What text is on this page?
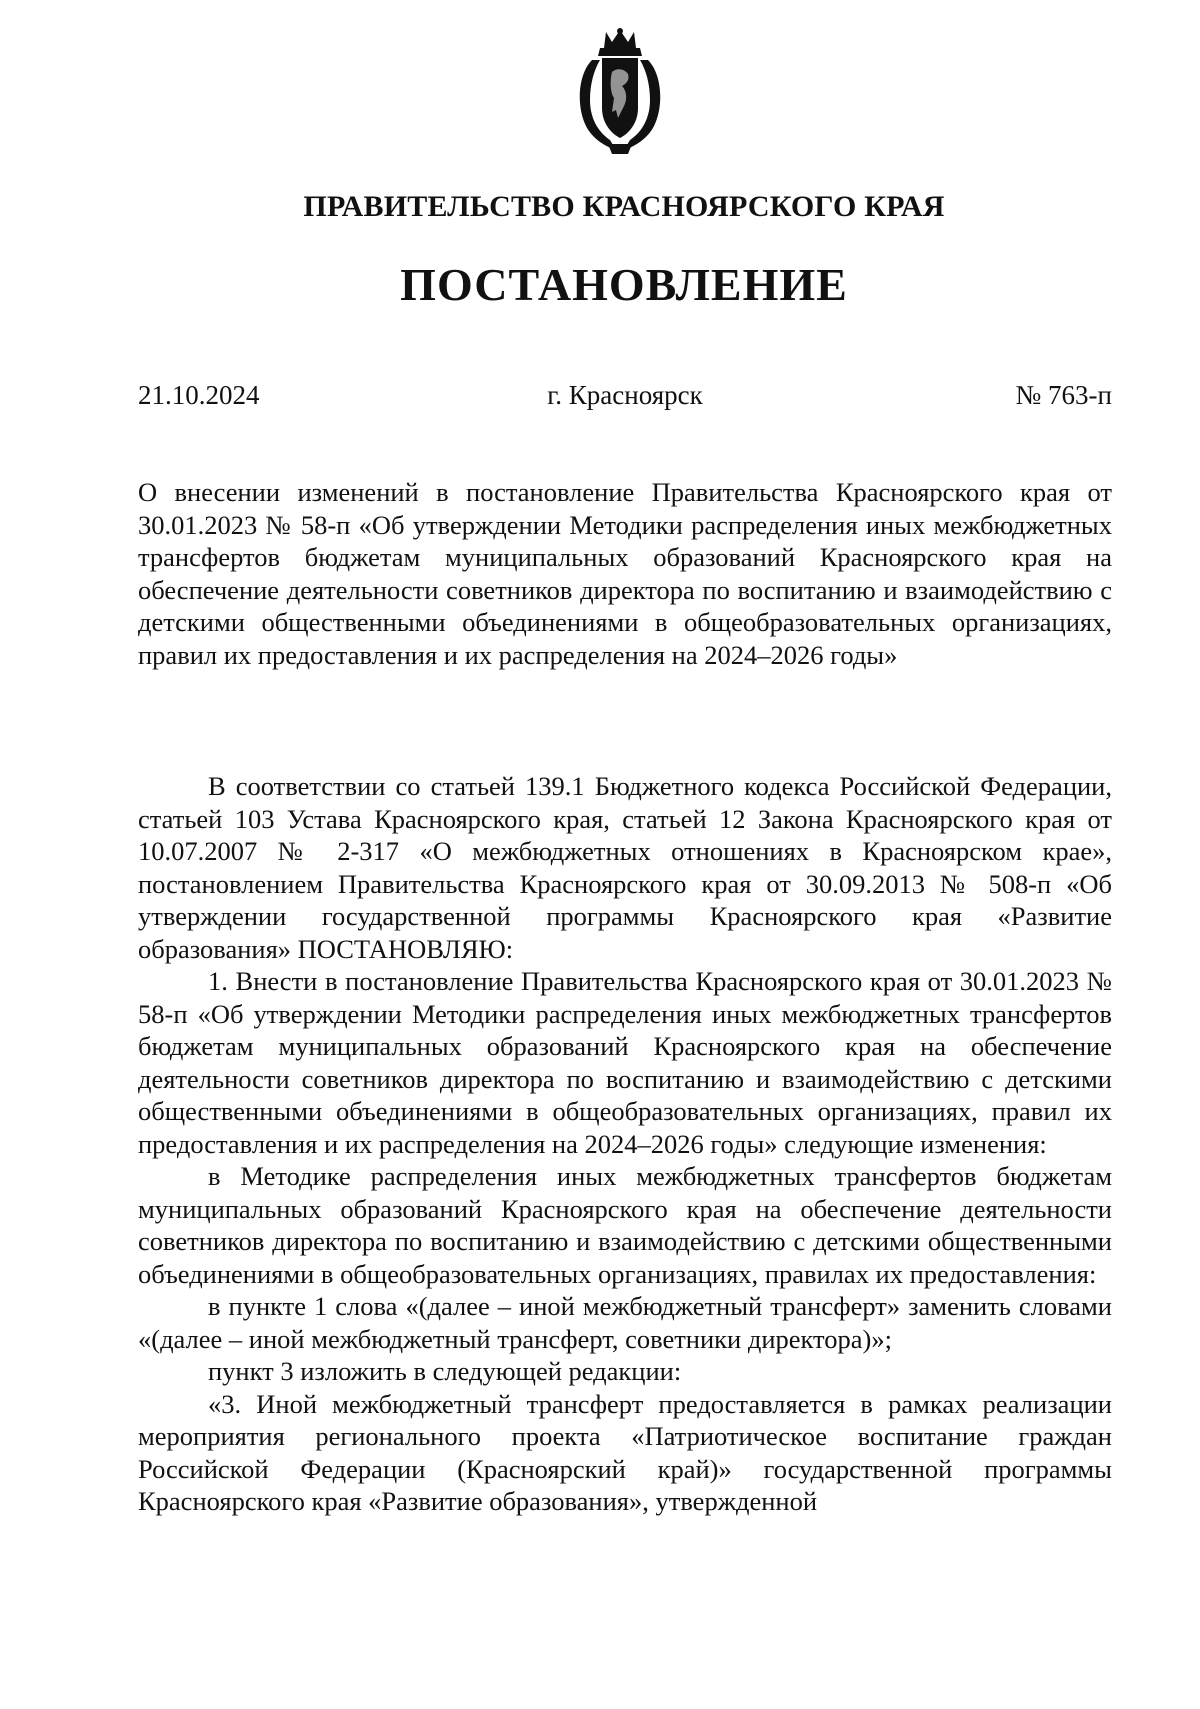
ПРАВИТЕЛЬСТВО КРАСНОЯРСКОГО КРАЯ
ПОСТАНОВЛЕНИЕ
21.10.2024	г. Красноярск	№ 763-п
О внесении изменений в постановление Правительства Красноярского края от 30.01.2023 № 58-п «Об утверждении Методики распределения иных межбюджетных трансфертов бюджетам муниципальных образований Красноярского края на обеспечение деятельности советников директора по воспитанию и взаимодействию с детскими общественными объединениями в общеобразовательных организациях, правил их предоставления и их распределения на 2024–2026 годы»

В соответствии со статьей 139.1 Бюджетного кодекса Российской Федерации, статьей 103 Устава Красноярского края, статьей 12 Закона Красноярского края от 10.07.2007 № 2-317 «О межбюджетных отношениях в Красноярском крае», постановлением Правительства Красноярского края от 30.09.2013 № 508-п «Об утверждении государственной программы Красноярского края «Развитие образования» ПОСТАНОВЛЯЮ:

1. Внести в постановление Правительства Красноярского края от 30.01.2023 № 58-п «Об утверждении Методики распределения иных межбюджетных трансфертов бюджетам муниципальных образований Красноярского края на обеспечение деятельности советников директора по воспитанию и взаимодействию с детскими общественными объединениями в общеобразовательных организациях, правил их предоставления и их распределения на 2024–2026 годы» следующие изменения:

в Методике распределения иных межбюджетных трансфертов бюджетам муниципальных образований Красноярского края на обеспечение деятельности советников директора по воспитанию и взаимодействию с детскими общественными объединениями в общеобразовательных организациях, правилах их предоставления:

в пункте 1 слова «(далее – иной межбюджетный трансферт» заменить словами «(далее – иной межбюджетный трансферт, советники директора)»;

пункт 3 изложить в следующей редакции:

«3. Иной межбюджетный трансферт предоставляется в рамках реализации мероприятия регионального проекта «Патриотическое воспитание граждан Российской Федерации (Красноярский край)» государственной программы Красноярского края «Развитие образования», утвержденной
